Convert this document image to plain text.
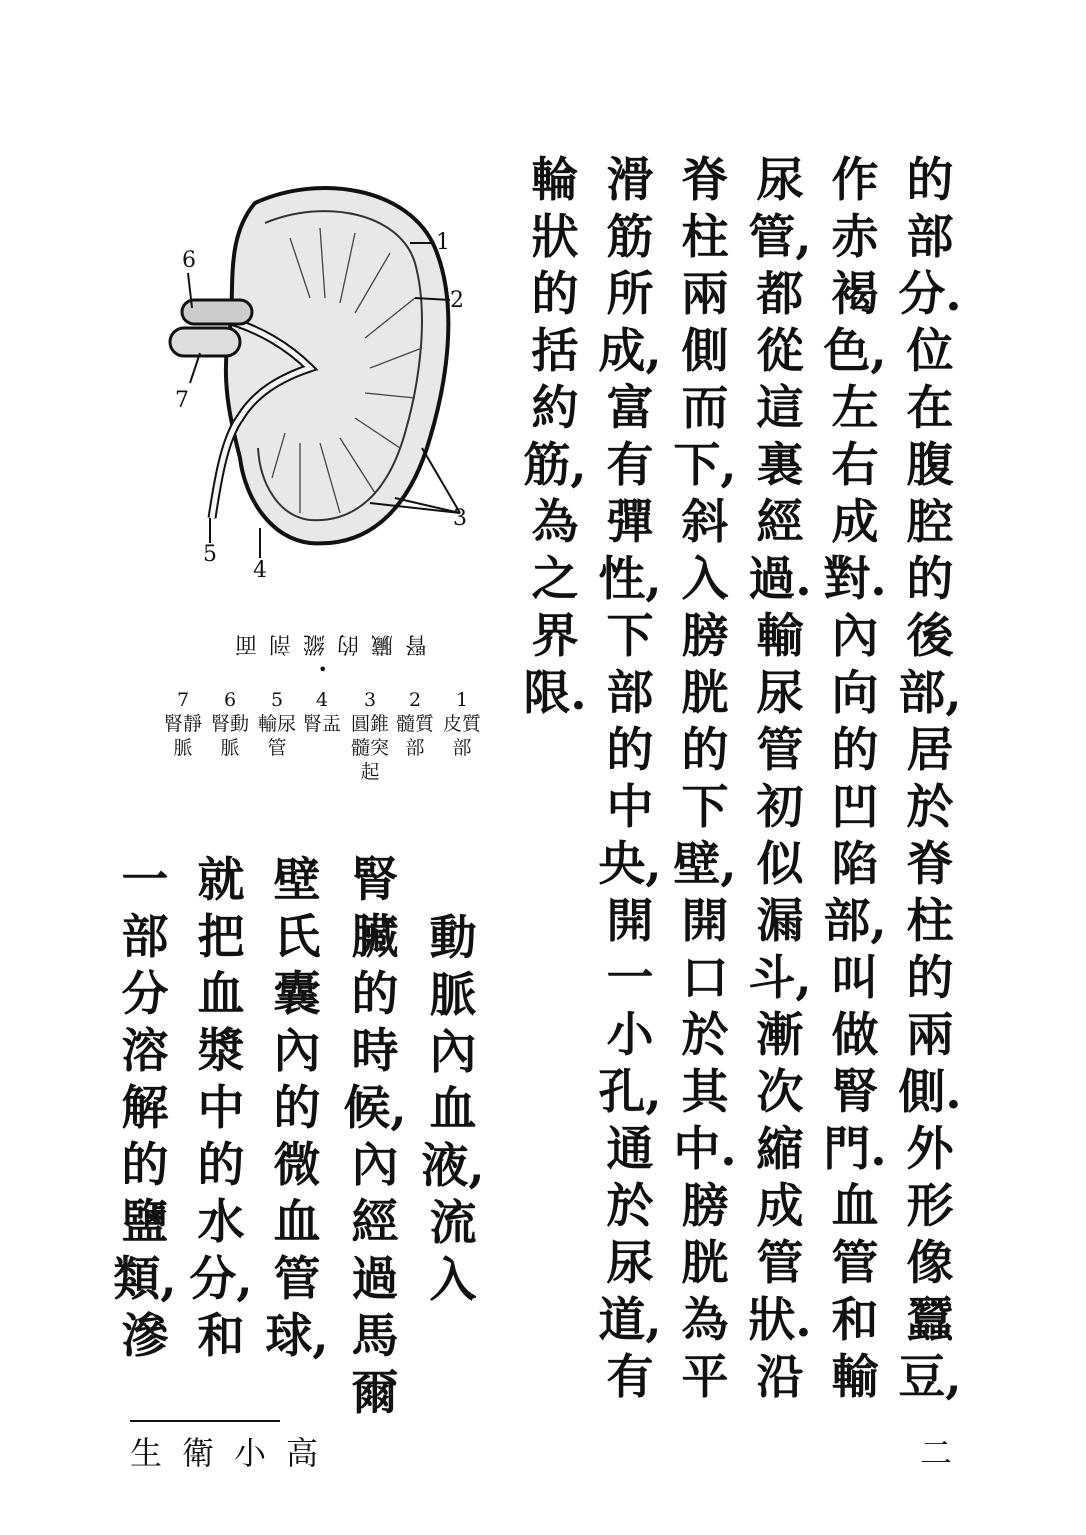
的部分.位在腹腔的後部,居於脊柱的兩側.外形像蠶豆,
作赤褐色,左右成對.內向的凹陷部,叫做腎門.血管和輸
尿管,都從這裏經過.輸尿管初似漏斗,漸次縮成管狀.沿
脊柱兩側而下,斜入膀胱的下壁,開口於其中.膀胱為平
滑筋所成,富有彈性,下部的中央,開一小孔,通於尿道,有
輪狀的括約筋,為之界限.
1
2
3
4
5
6
7
腎臟的縱剖面
•
1
皮質部
2
髓質部
3
圓錐髓突起
4
腎盂
5
輸尿管
6
腎動脈
7
腎靜脈
動脈內血液,流入
腎臟的時候,內經過馬爾
壁氏囊內的微血管球,
就把血漿中的水分,和
一部分溶解的鹽類,滲
高小衛生	二
